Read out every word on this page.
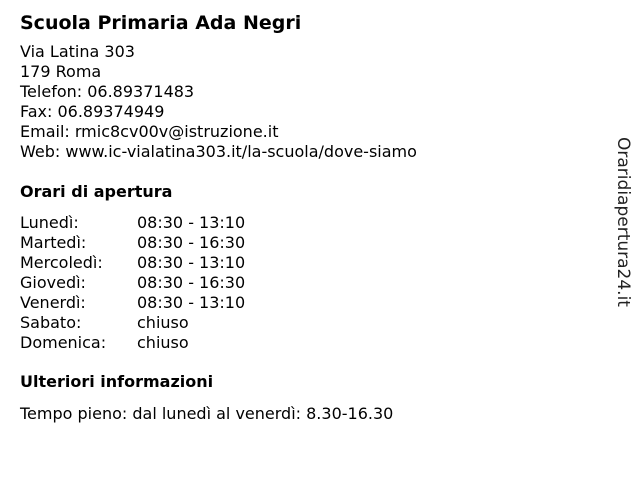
Scuola Primaria Ada Negri
Via Latina 303
179 Roma
Telefon: 06.89371483
Fax: 06.89374949
Email: rmic8cv00v@istruzione.it
Web: www.ic-vialatina303.it/la-scuola/dove-siamo
Orari di apertura
Lunedì:	08:30 - 13:10
Martedì:	08:30 - 16:30
Mercoledì: 08:30 - 13:10
Giovedì:	08:30 - 16:30
Venerdì:	08:30 - 13:10
Sabato:	chiuso
Domenica: chiuso
Ulteriori informazioni
Tempo pieno: dal lunedì al venerdì: 8.30-16.30
Oraridiapertura24.it
